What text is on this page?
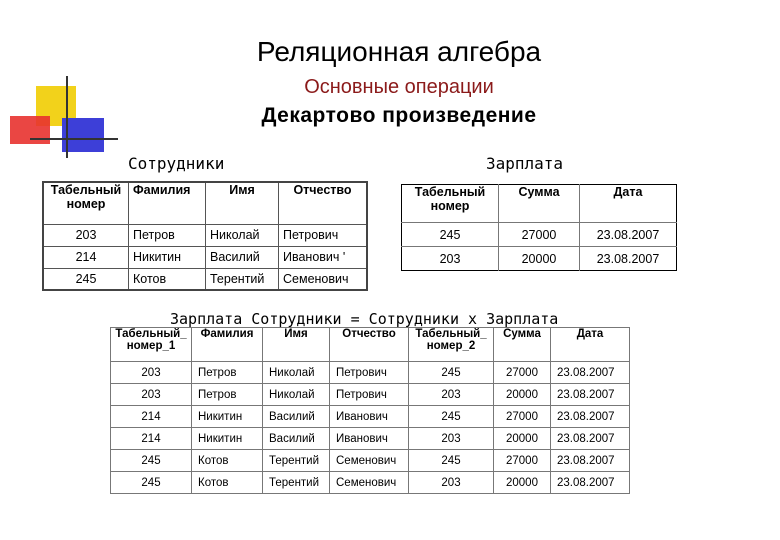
Реляционная алгебра
Основные операции
Декартово произведение
Сотрудники
Табельный номер	Фамилия	Имя	Отчество
203	Петров	Николай	Петрович
214	Никитин	Василий	Иванович '
245	Котов	Терентий	Семенович
Зарплата
Табельный номер	Сумма	Дата
245	27000	23.08.2007
203	20000	23.08.2007
Зарплата_Сотрудники = Сотрудники х Зарплата
Табельный_ номер_1	Фамилия	Имя	Отчество	Табельный_ номер_2	Сумма	Дата
203	Петров	Николай	Петрович	245	27000	23.08.2007
203	Петров	Николай	Петрович	203	20000	23.08.2007
214	Никитин	Василий	Иванович	245	27000	23.08.2007
214	Никитин	Василий	Иванович	203	20000	23.08.2007
245	Котов	Терентий	Семенович	245	27000	23.08.2007
245	Котов	Терентий	Семенович	203	20000	23.08.2007
